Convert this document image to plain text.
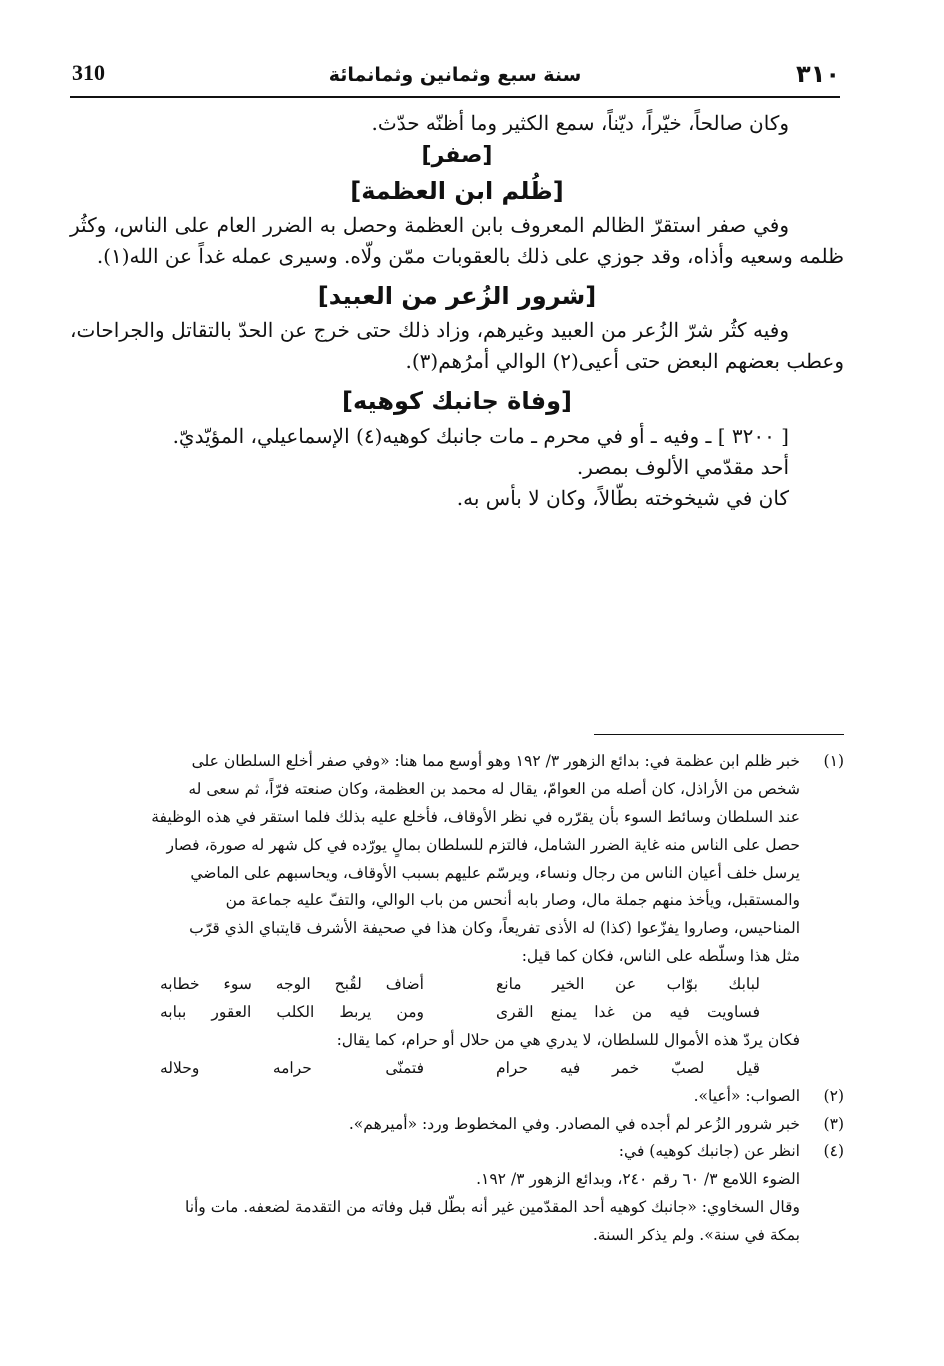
٣١٠
سنة سبع وثمانين وثمانمائة
310

وكان صالحاً، خيّراً، ديّناً، سمع الكثير وما أظنّه حدّث.

[صفر]

[ظُلم ابن العظمة]

وفي صفر استقرّ الظالم المعروف بابن العظمة وحصل به الضرر العام على الناس، وكثُر ظلمه وسعيه وأذاه، وقد جوزي على ذلك بالعقوبات ممّن ولّاه. وسيرى عمله غداً عن الله(١).

[شرور الزُعر من العبيد]

وفيه كثُر شرّ الزُعر من العبيد وغيرهم، وزاد ذلك حتى خرج عن الحدّ بالتقاتل والجراحات، وعطب بعضهم البعض حتى أعيى(٢) الوالي أمرُهم(٣).

[وفاة جانبك كوهيه]

[ ٣٢٠٠ ] ـ وفيه ـ أو في محرم ـ مات جانبك كوهيه(٤) الإسماعيلي، المؤيّديّ.

أحد مقدّمي الألوف بمصر.

كان في شيخوخته بطّالاً، وكان لا بأس به.

(١)

خبر ظلم ابن عظمة في: بدائع الزهور ٣/ ١٩٢ وهو أوسع مما هنا: «وفي صفر أخلع السلطان على

شخص من الأراذل، كان أصله من العوامّ، يقال له محمد بن العظمة، وكان صنعته فرّاً، ثم سعى له

عند السلطان وسائط السوء بأن يقرّره في نظر الأوقاف، فأخلع عليه بذلك فلما استقر في هذه الوظيفة

حصل على الناس منه غاية الضرر الشامل، فالتزم للسلطان بمالٍ يورّده في كل شهر له صورة، فصار

يرسل خلف أعيان الناس من رجال ونساء، ويرسّم عليهم بسبب الأوقاف، ويحاسبهم على الماضي

والمستقبل، ويأخذ منهم جملة مال، وصار بابه أنحس من باب الوالي، والتفّ عليه جماعة من

المناحيس، وصاروا يفزّعوا (كذا) له الأذى تفريعاً، وكان هذا في صحيفة الأشرف قايتباي الذي قرّب

مثل هذا وسلّطه على الناس، فكان كما قيل:

لبابك بوّاب عن الخير مانع
أضاف لقُبح الوجه سوء خطابه
فساويت فيه من غدا يمنع القرى
ومن يربط الكلب العقور ببابه

فكان يردّ هذه الأموال للسلطان، لا يدري هي من حلال أو حرام، كما يقال:

قيل لصبّ خمر فيه حرام
فتمنّى حرامه وحلاله
(٢)

الصواب: «أعيا».

(٣)

خبر شرور الزُعر لم أجده في المصادر. وفي المخطوط ورد: «أميرهم».

(٤)

انظر عن (جانبك كوهيه) في:

الضوء اللامع ٣/ ٦٠ رقم ٢٤٠، وبدائع الزهور ٣/ ١٩٢.

وقال السخاوي: «جانبك كوهيه أحد المقدّمين غير أنه بطّل قبل وفاته من التقدمة لضعفه. مات وأنا

بمكة في سنة». ولم يذكر السنة.
